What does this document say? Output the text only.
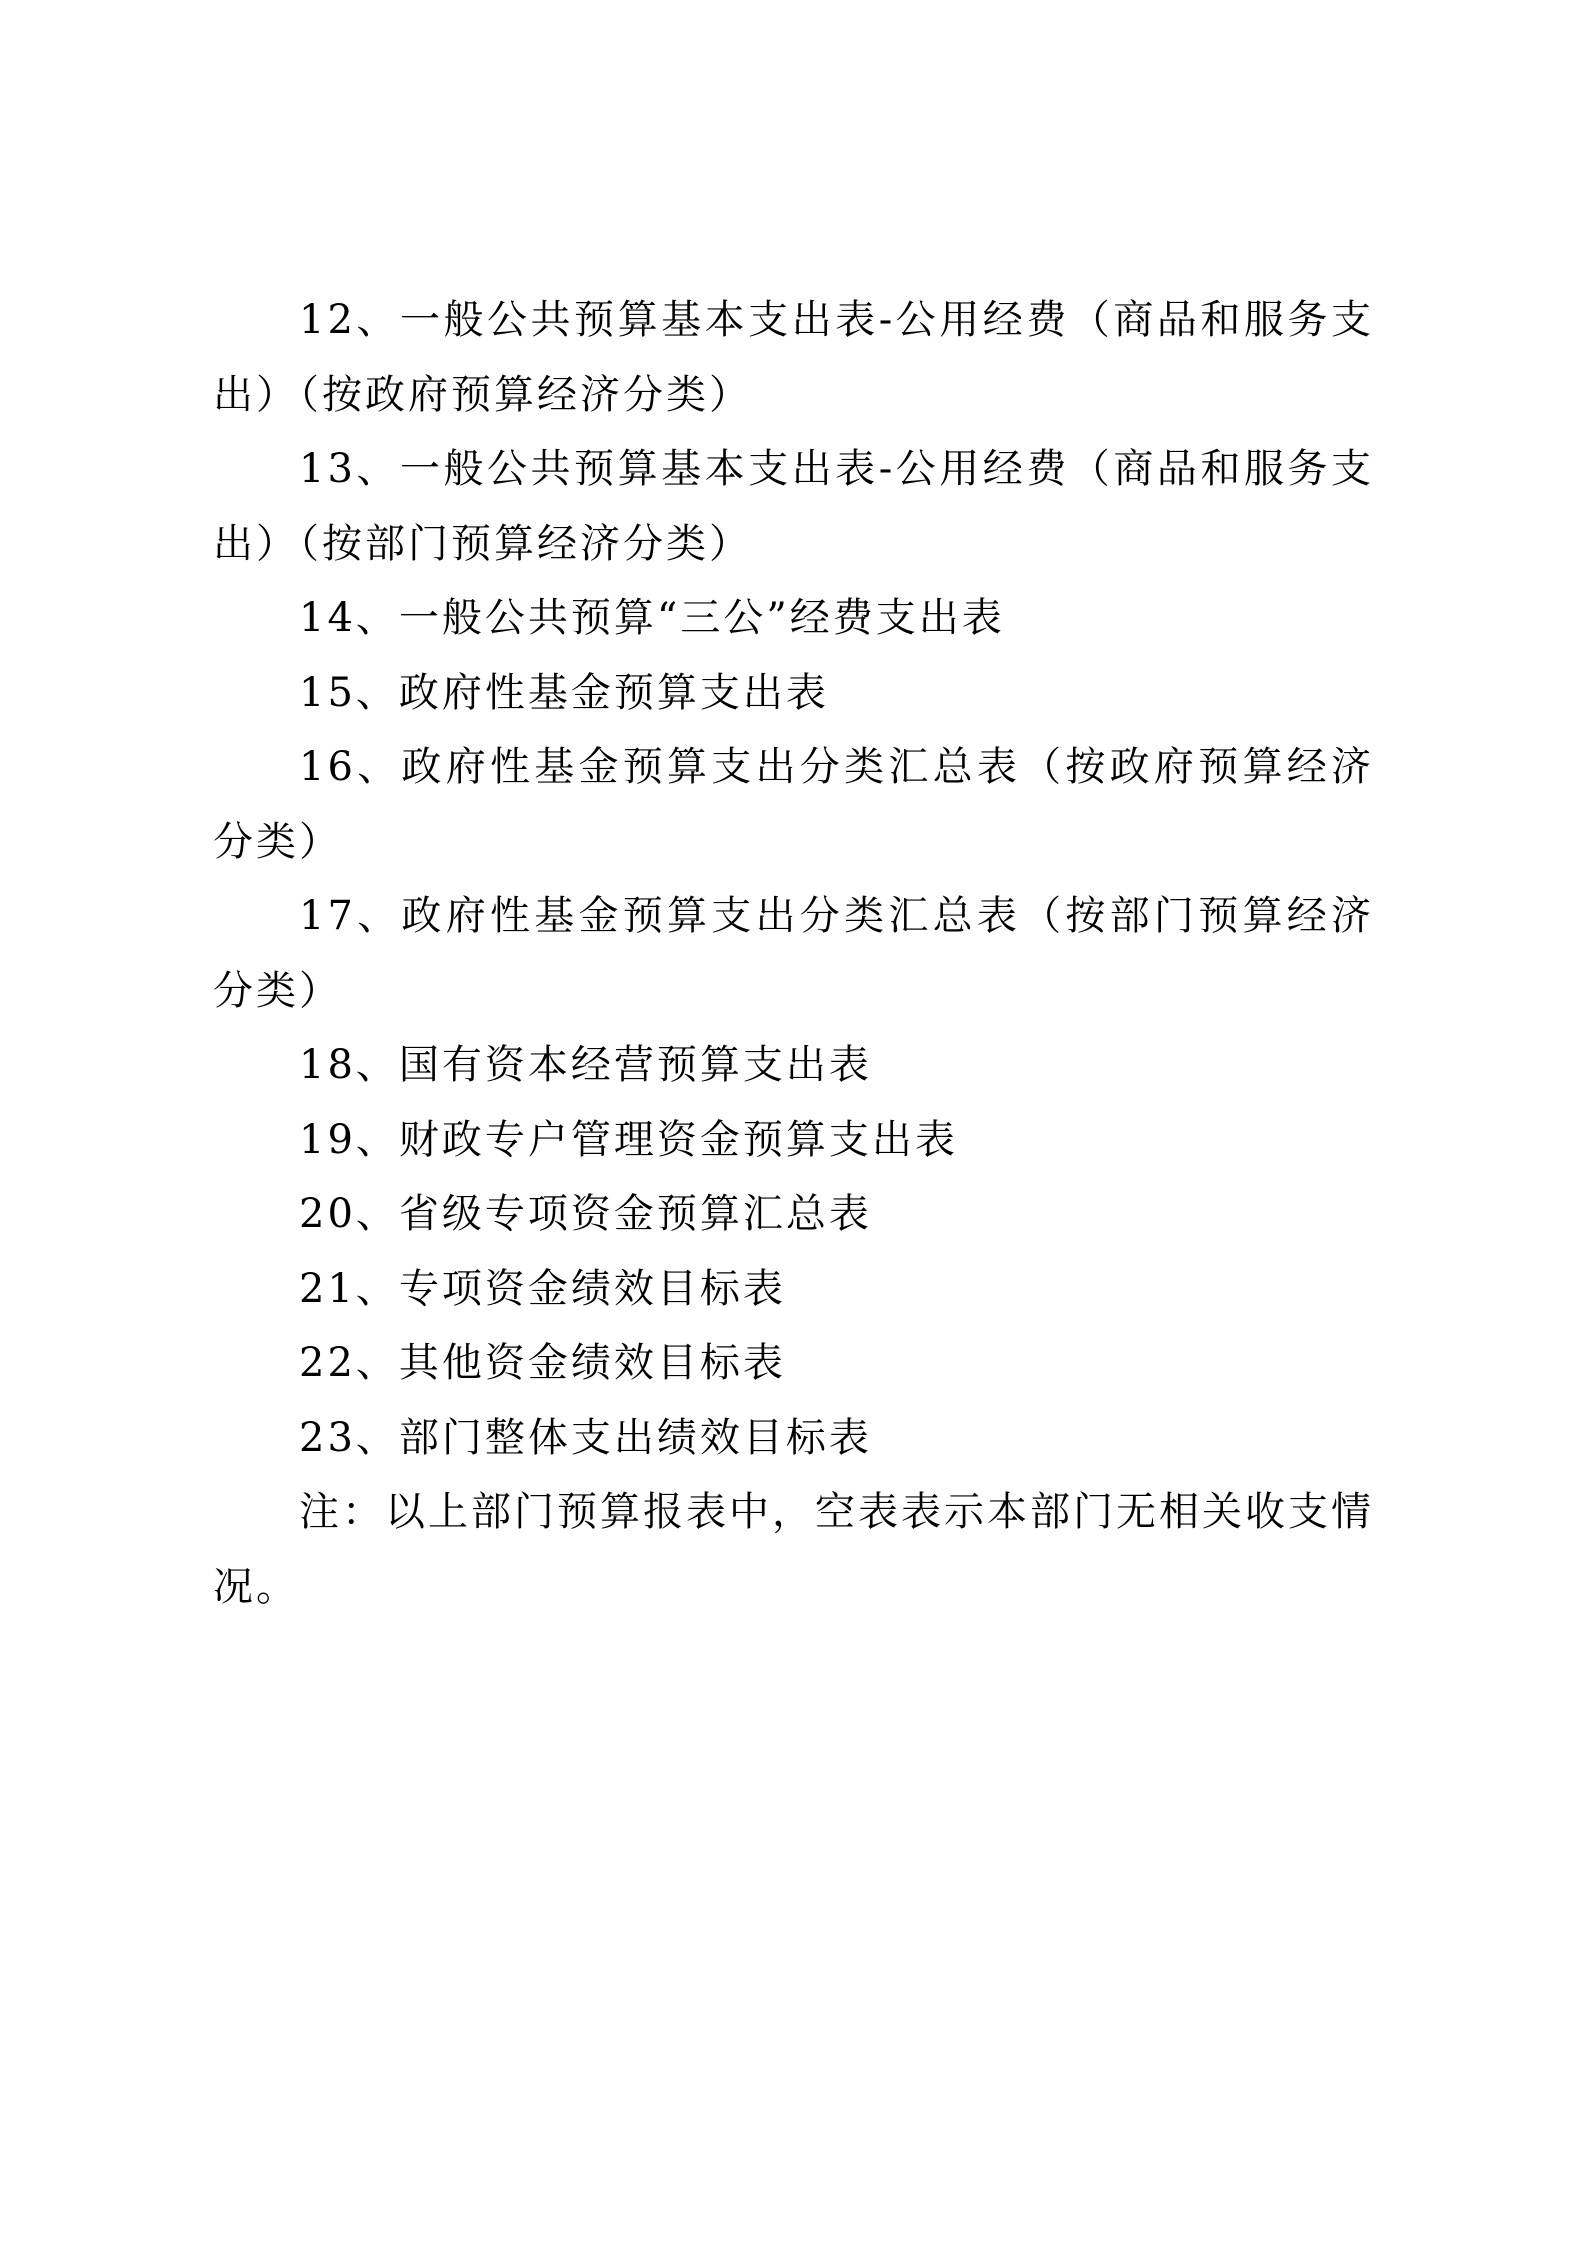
12、一般公共预算基本支出表-公用经费（商品和服务支出）（按政府预算经济分类）

13、一般公共预算基本支出表-公用经费（商品和服务支出）（按部门预算经济分类）

14、一般公共预算“三公”经费支出表

15、政府性基金预算支出表

16、政府性基金预算支出分类汇总表（按政府预算经济分类）

17、政府性基金预算支出分类汇总表（按部门预算经济分类）

18、国有资本经营预算支出表

19、财政专户管理资金预算支出表

20、省级专项资金预算汇总表

21、专项资金绩效目标表

22、其他资金绩效目标表

23、部门整体支出绩效目标表

注：以上部门预算报表中，空表表示本部门无相关收支情况。
